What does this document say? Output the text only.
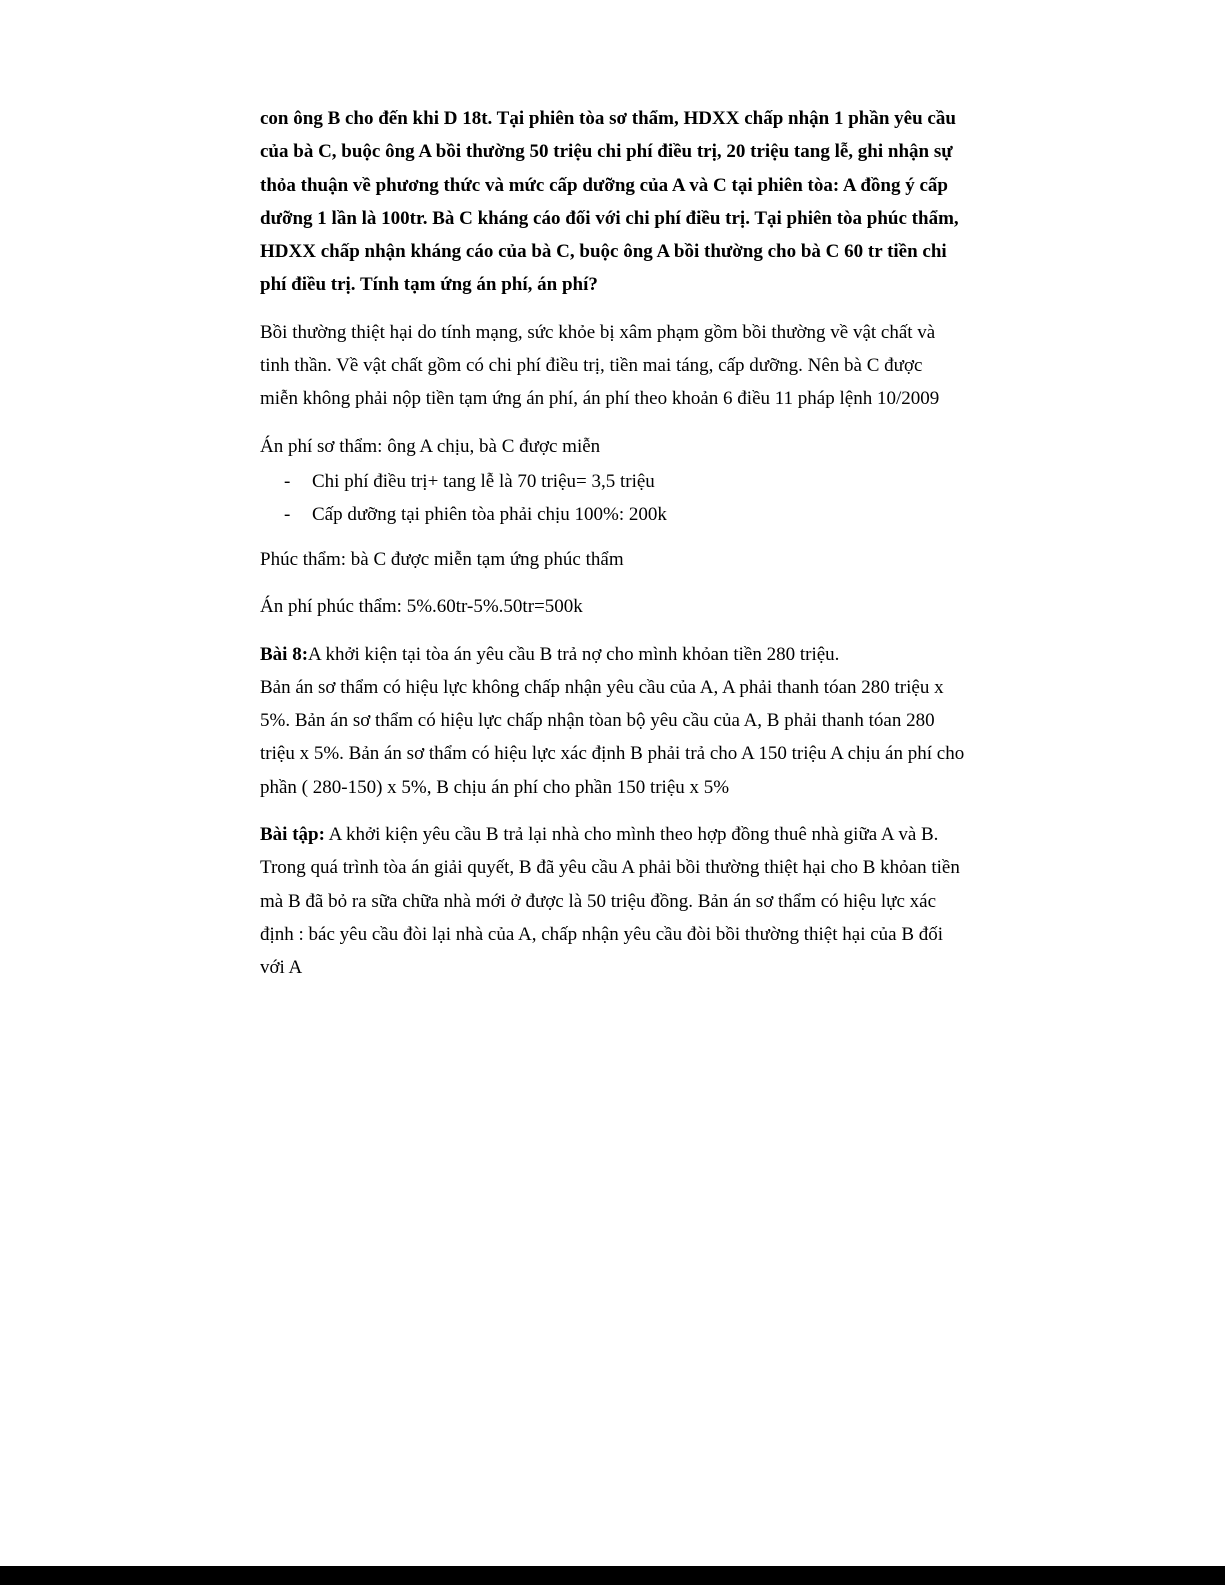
con ông B cho đến khi D 18t. Tại phiên tòa sơ thẩm, HDXX chấp nhận 1 phần yêu cầu của bà C, buộc ông A bồi thường 50 triệu chi phí điều trị, 20 triệu tang lễ, ghi nhận sự thỏa thuận về phương thức và mức cấp dưỡng của A và C tại phiên tòa: A đồng ý cấp dưỡng 1 lần là 100tr. Bà C kháng cáo đối với chi phí điều trị. Tại phiên tòa phúc thẩm, HDXX chấp nhận kháng cáo của bà C, buộc ông A bồi thường cho bà C 60 tr tiền chi phí điều trị. Tính tạm ứng án phí, án phí?

Bồi thường thiệt hại do tính mạng, sức khỏe bị xâm phạm gồm bồi thường về vật chất và tinh thần. Về vật chất gồm có chi phí điều trị, tiền mai táng, cấp dưỡng. Nên bà C được miễn không phải nộp tiền tạm ứng án phí, án phí theo khoản 6 điều 11 pháp lệnh 10/2009

Án phí sơ thẩm: ông A chịu, bà C được miễn

- Chi phí điều trị+ tang lễ là 70 triệu= 3,5 triệu
- Cấp dưỡng tại phiên tòa phải chịu 100%: 200k

Phúc thẩm: bà C được miễn tạm ứng phúc thẩm

Án phí phúc thẩm: 5%.60tr-5%.50tr=500k

Bài 8:A khởi kiện tại tòa án yêu cầu B trả nợ cho mình khỏan tiền 280 triệu.
Bản án sơ thẩm có hiệu lực không chấp nhận yêu cầu của A, A phải thanh tóan 280 triệu x 5%. Bản án sơ thẩm có hiệu lực chấp nhận tòan bộ yêu cầu của A, B phải thanh tóan 280 triệu x 5%. Bản án sơ thẩm có hiệu lực xác định B phải trả cho A 150 triệu A chịu án phí cho phần ( 280-150) x 5%, B chịu án phí cho phần 150 triệu x 5%

Bài tập: A khởi kiện yêu cầu B trả lại nhà cho mình theo hợp đồng thuê nhà giữa A và B. Trong quá trình tòa án giải quyết, B đã yêu cầu A phải bồi thường thiệt hại cho B khỏan tiền mà B đã bỏ ra sữa chữa nhà mới ở được là 50 triệu đồng. Bản án sơ thẩm có hiệu lực xác định : bác yêu cầu đòi lại nhà của A, chấp nhận yêu cầu đòi bồi thường thiệt hại của B đối với A
